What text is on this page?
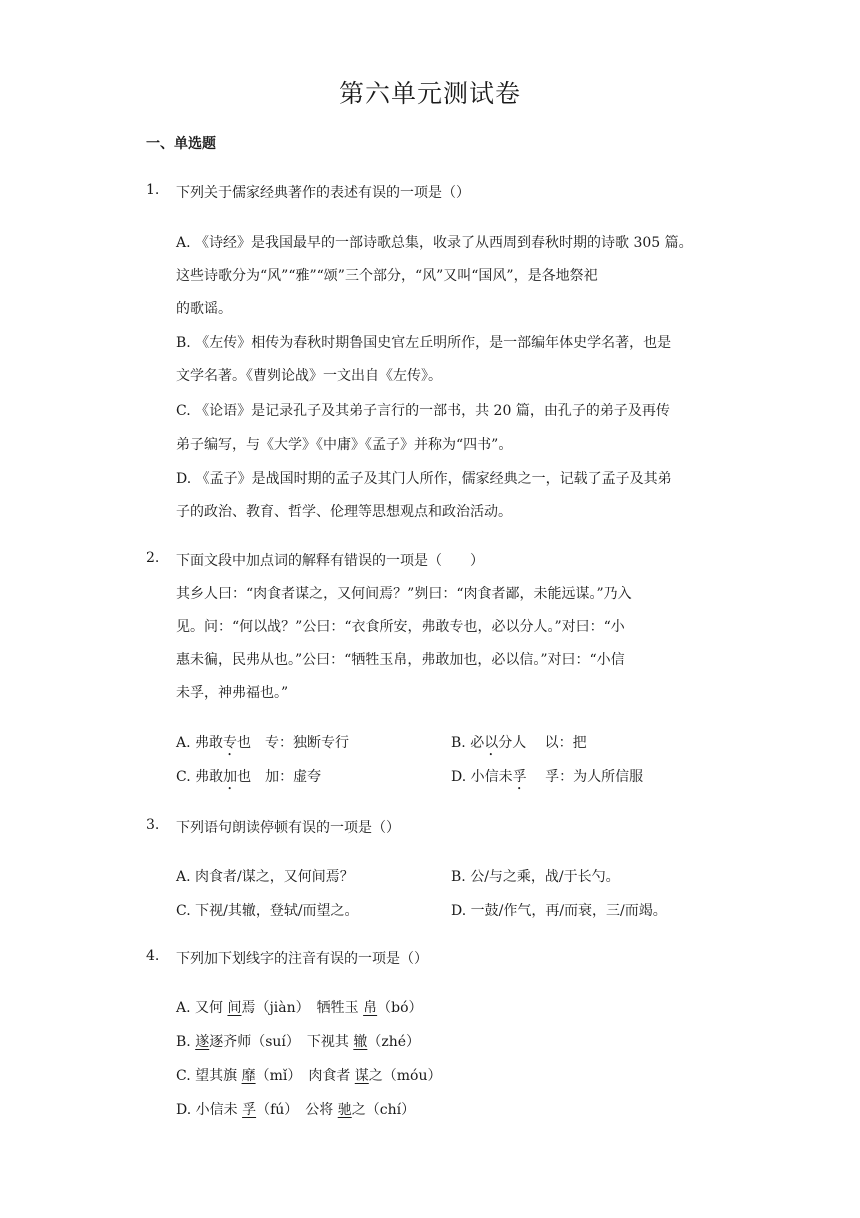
第六单元测试卷
一、单选题
1. 下列关于儒家经典著作的表述有误的一项是（）
A. 《诗经》是我国最早的一部诗歌总集，收录了从西周到春秋时期的诗歌 305 篇。
这些诗歌分为“风”“雅”“颂”三个部分，“风”又叫“国风”，是各地祭祀
的歌谣。
B. 《左传》相传为春秋时期鲁国史官左丘明所作，是一部编年体史学名著，也是
文学名著。《曹刿论战》一文出自《左传》。
C. 《论语》是记录孔子及其弟子言行的一部书，共 20 篇，由孔子的弟子及再传
弟子编写，与《大学》《中庸》《孟子》并称为“四书”。
D. 《孟子》是战国时期的孟子及其门人所作，儒家经典之一，记载了孟子及其弟
子的政治、教育、哲学、伦理等思想观点和政治活动。
2. 下面文段中加点词的解释有错误的一项是（　　）
其乡人曰：“肉食者谋之，又何间焉？”刿曰：“肉食者鄙，未能远谋。”乃入
见。问：“何以战？”公曰：“衣食所安，弗敢专也，必以分人。”对曰：“小
惠未徧，民弗从也。”公曰：“牺牲玉帛，弗敢加也，必以信。”对曰：“小信
未孚，神弗福也。”
A. 弗敢专也　专：独断专行	B. 必以分人　 以：把
C. 弗敢加也　加：虚夸	D. 小信未孚　 孚：为人所信服
3. 下列语句朗读停顿有误的一项是（）
A. 肉食者/谋之，又何间焉？	B. 公/与之乘，战/于长勺。
C. 下视/其辙，登轼/而望之。	D. 一鼓/作气，再/而衰，三/而竭。
4. 下列加下划线字的注音有误的一项是（）
A. 又何 间焉（jiàn）　牺牲玉 帛（bó）
B. 遂逐齐师（suí）　下视其 辙（zhé）
C. 望其旗 靡（mǐ）　肉食者 谋之（móu）
D. 小信未 孚（fú）　公将 驰之（chí）
